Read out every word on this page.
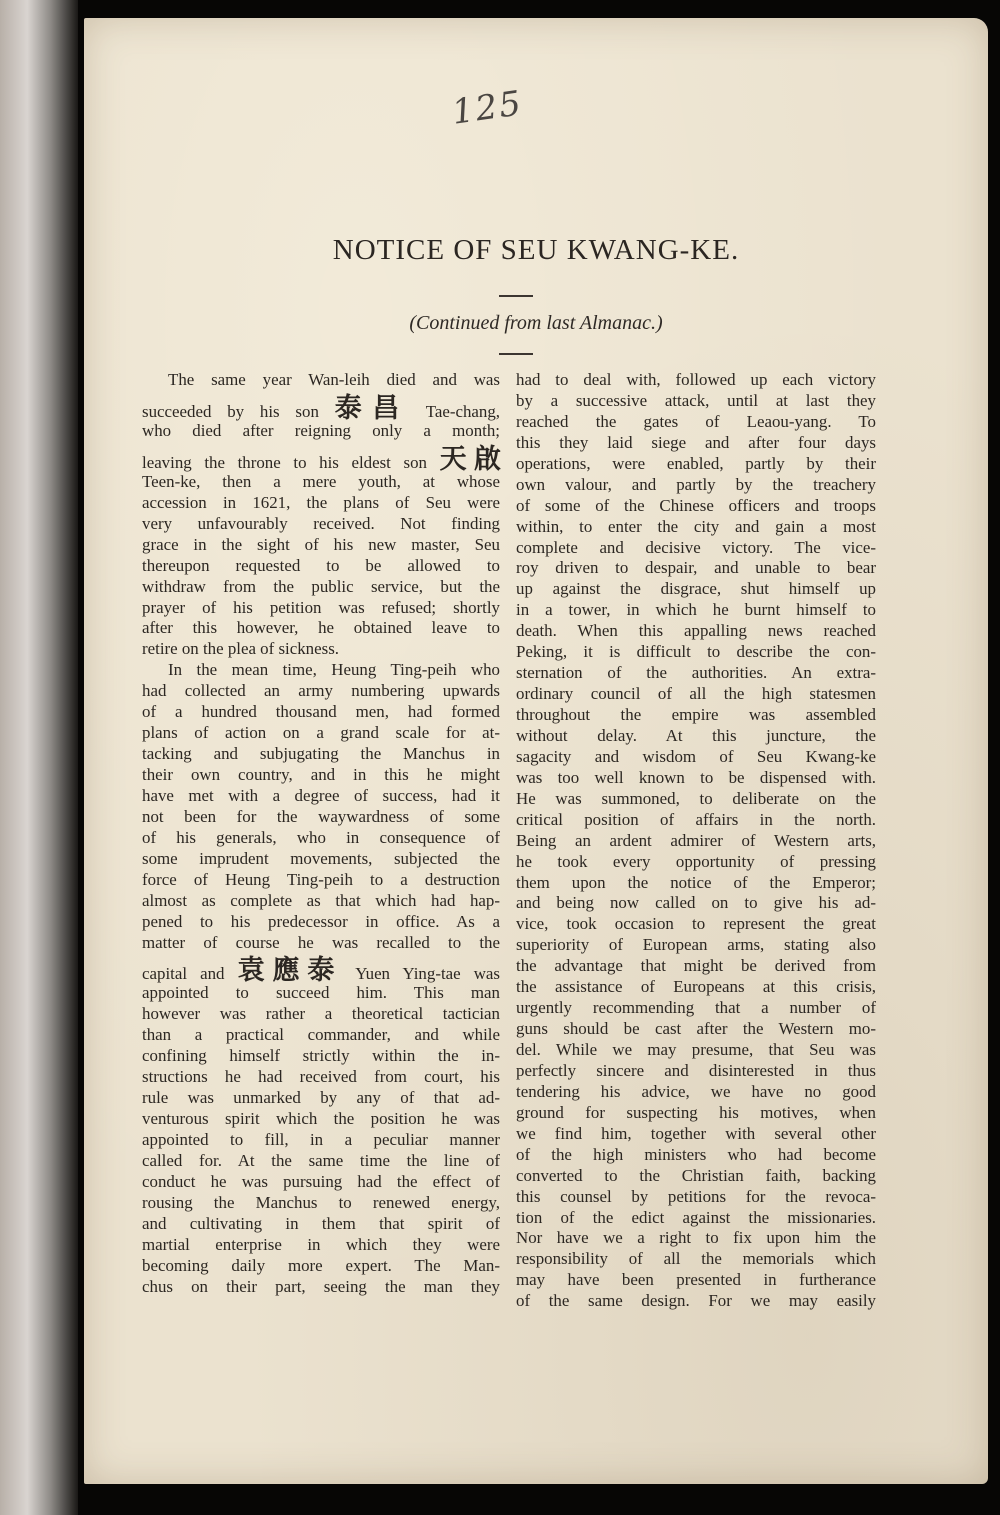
125
NOTICE OF SEU KWANG-KE.
(Continued from last Almanac.)
The same year Wan-leih died and was
succeeded by his son 泰昌 Tae-chang,
who died after reigning only a month;
leaving the throne to his eldest son 天啟
Teen-ke, then a mere youth, at whose
accession in 1621, the plans of Seu were
very unfavourably received. Not finding
grace in the sight of his new master, Seu
thereupon requested to be allowed to
withdraw from the public service, but the
prayer of his petition was refused; shortly
after this however, he obtained leave to
retire on the plea of sickness.
In the mean time, Heung Ting-peih who
had collected an army numbering upwards
of a hundred thousand men, had formed
plans of action on a grand scale for at-
tacking and subjugating the Manchus in
their own country, and in this he might
have met with a degree of success, had it
not been for the waywardness of some
of his generals, who in consequence of
some imprudent movements, subjected the
force of Heung Ting-peih to a destruction
almost as complete as that which had hap-
pened to his predecessor in office. As a
matter of course he was recalled to the
capital and 袁應泰 Yuen Ying-tae was
appointed to succeed him. This man
however was rather a theoretical tactician
than a practical commander, and while
confining himself strictly within the in-
structions he had received from court, his
rule was unmarked by any of that ad-
venturous spirit which the position he was
appointed to fill, in a peculiar manner
called for. At the same time the line of
conduct he was pursuing had the effect of
rousing the Manchus to renewed energy,
and cultivating in them that spirit of
martial enterprise in which they were
becoming daily more expert. The Man-
chus on their part, seeing the man they
had to deal with, followed up each victory
by a successive attack, until at last they
reached the gates of Leaou-yang. To
this they laid siege and after four days
operations, were enabled, partly by their
own valour, and partly by the treachery
of some of the Chinese officers and troops
within, to enter the city and gain a most
complete and decisive victory. The vice-
roy driven to despair, and unable to bear
up against the disgrace, shut himself up
in a tower, in which he burnt himself to
death. When this appalling news reached
Peking, it is difficult to describe the con-
sternation of the authorities. An extra-
ordinary council of all the high statesmen
throughout the empire was assembled
without delay. At this juncture, the
sagacity and wisdom of Seu Kwang-ke
was too well known to be dispensed with.
He was summoned, to deliberate on the
critical position of affairs in the north.
Being an ardent admirer of Western arts,
he took every opportunity of pressing
them upon the notice of the Emperor;
and being now called on to give his ad-
vice, took occasion to represent the great
superiority of European arms, stating also
the advantage that might be derived from
the assistance of Europeans at this crisis,
urgently recommending that a number of
guns should be cast after the Western mo-
del. While we may presume, that Seu was
perfectly sincere and disinterested in thus
tendering his advice, we have no good
ground for suspecting his motives, when
we find him, together with several other
of the high ministers who had become
converted to the Christian faith, backing
this counsel by petitions for the revoca-
tion of the edict against the missionaries.
Nor have we a right to fix upon him the
responsibility of all the memorials which
may have been presented in furtherance
of the same design. For we may easily
